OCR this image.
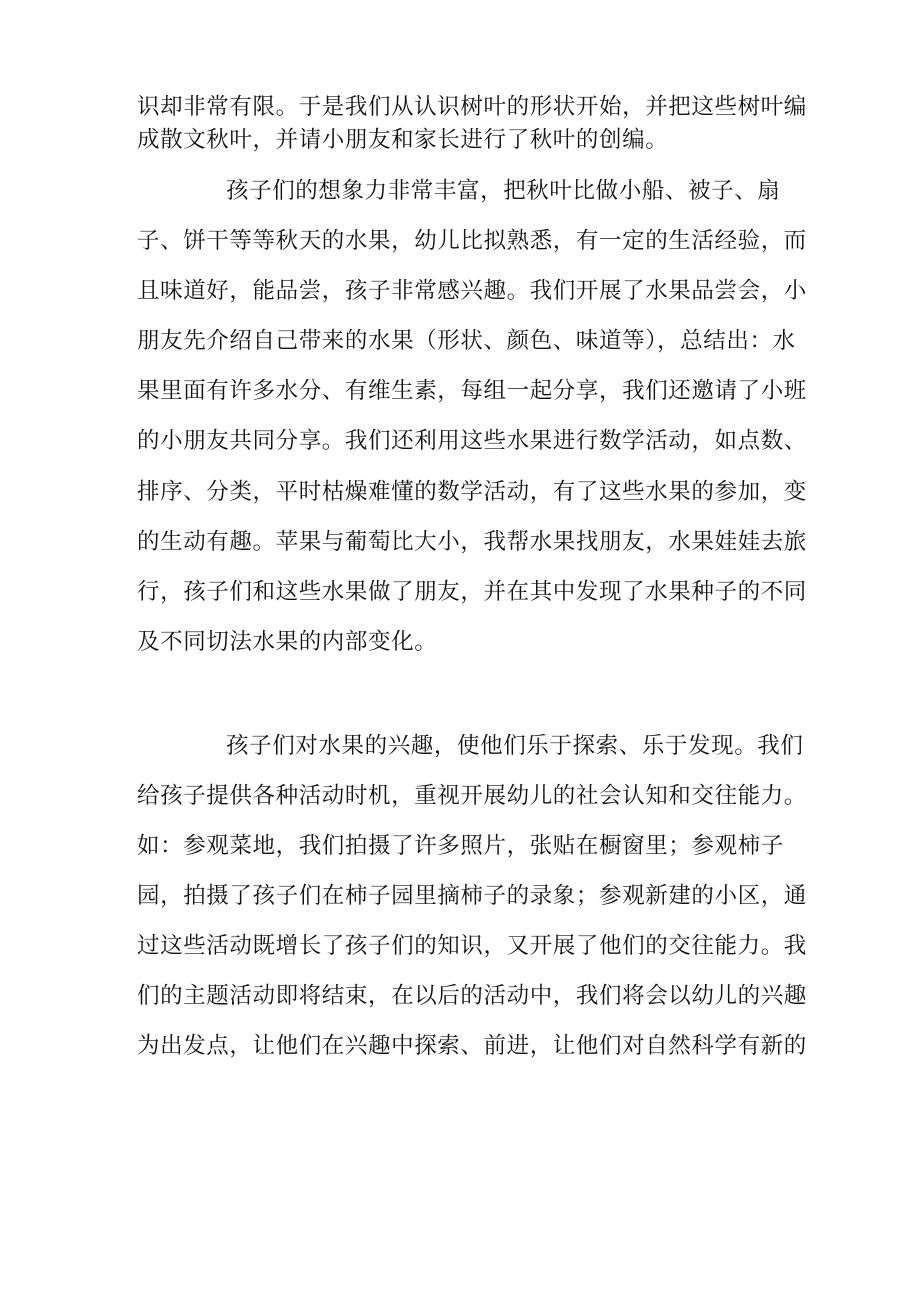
识却非常有限。于是我们从认识树叶的形状开始，并把这些树叶编
成散文秋叶，并请小朋友和家长进行了秋叶的创编。
孩子们的想象力非常丰富，把秋叶比做小船、被子、扇
子、饼干等等秋天的水果，幼儿比拟熟悉，有一定的生活经验，而
且味道好，能品尝，孩子非常感兴趣。我们开展了水果品尝会，小
朋友先介绍自己带来的水果（形状、颜色、味道等），总结出：水
果里面有许多水分、有维生素，每组一起分享，我们还邀请了小班
的小朋友共同分享。我们还利用这些水果进行数学活动，如点数、
排序、分类，平时枯燥难懂的数学活动，有了这些水果的参加，变
的生动有趣。苹果与葡萄比大小，我帮水果找朋友，水果娃娃去旅
行，孩子们和这些水果做了朋友，并在其中发现了水果种子的不同
及不同切法水果的内部变化。
孩子们对水果的兴趣，使他们乐于探索、乐于发现。我们
给孩子提供各种活动时机，重视开展幼儿的社会认知和交往能力。
如：参观菜地，我们拍摄了许多照片，张贴在橱窗里；参观柿子
园，拍摄了孩子们在柿子园里摘柿子的录象；参观新建的小区，通
过这些活动既增长了孩子们的知识，又开展了他们的交往能力。我
们的主题活动即将结束，在以后的活动中，我们将会以幼儿的兴趣
为出发点，让他们在兴趣中探索、前进，让他们对自然科学有新的
